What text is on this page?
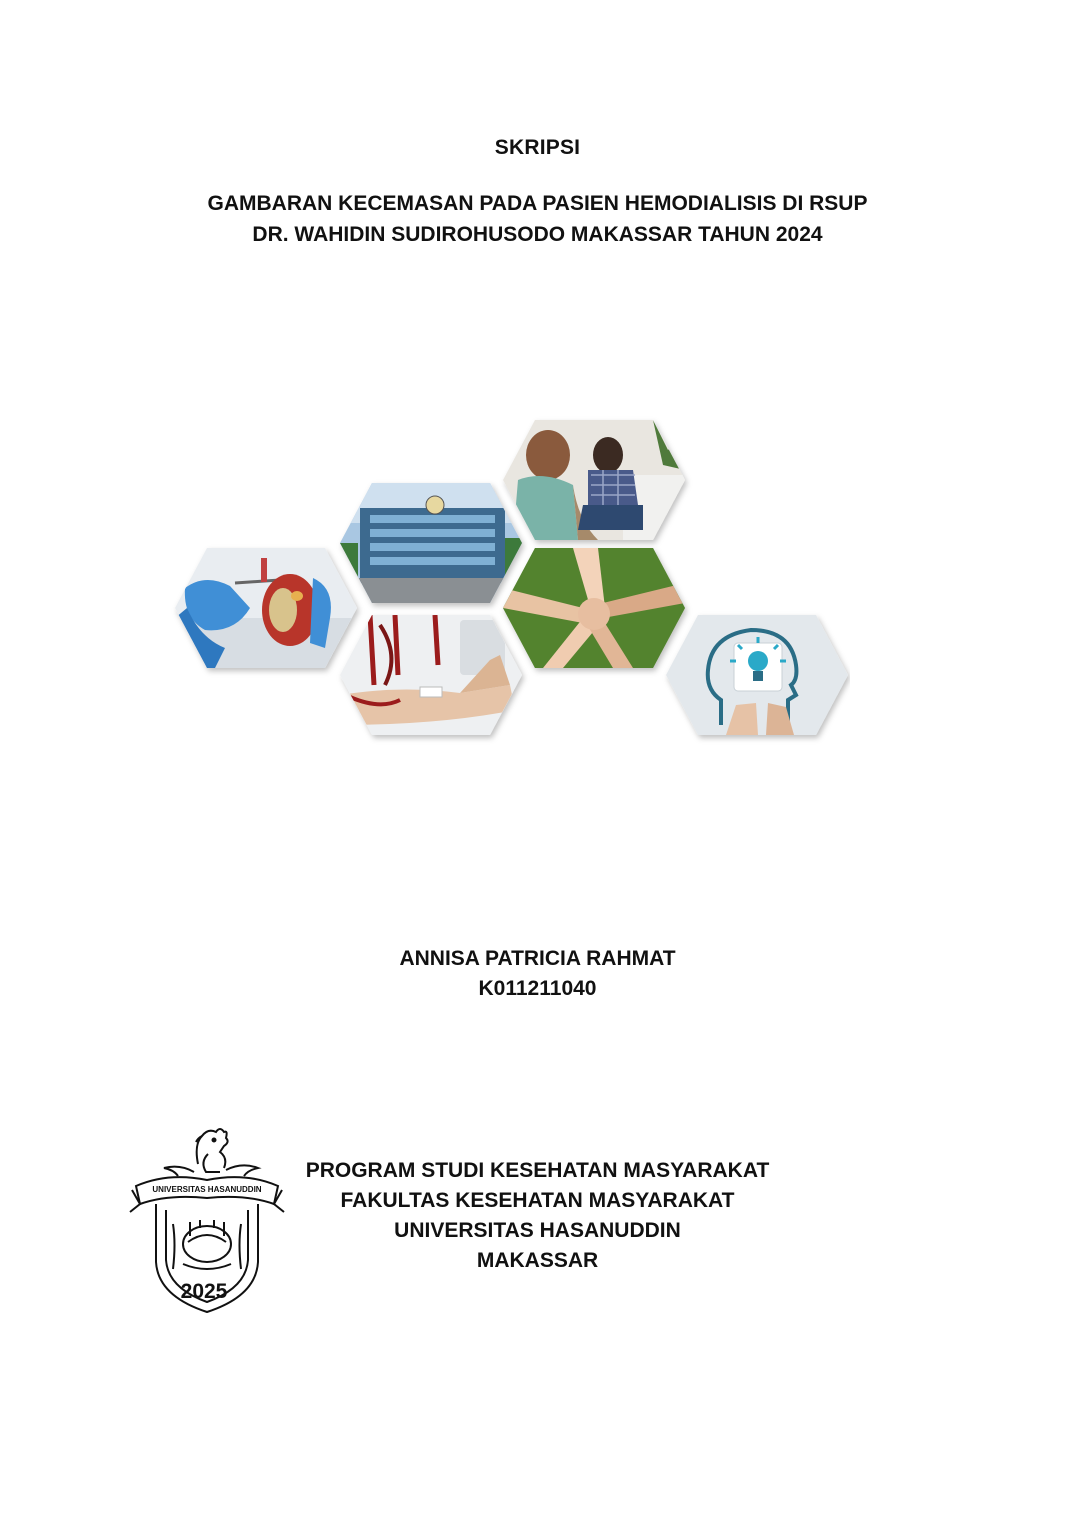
SKRIPSI
GAMBARAN KECEMASAN PADA PASIEN HEMODIALISIS DI RSUP
DR. WAHIDIN SUDIROHUSODO MAKASSAR TAHUN 2024
ANNISA PATRICIA RAHMAT
K011211040
UNIVERSITAS HASANUDDIN
PROGRAM STUDI KESEHATAN MASYARAKAT
FAKULTAS KESEHATAN MASYARAKAT
UNIVERSITAS HASANUDDIN
MAKASSAR
2025
